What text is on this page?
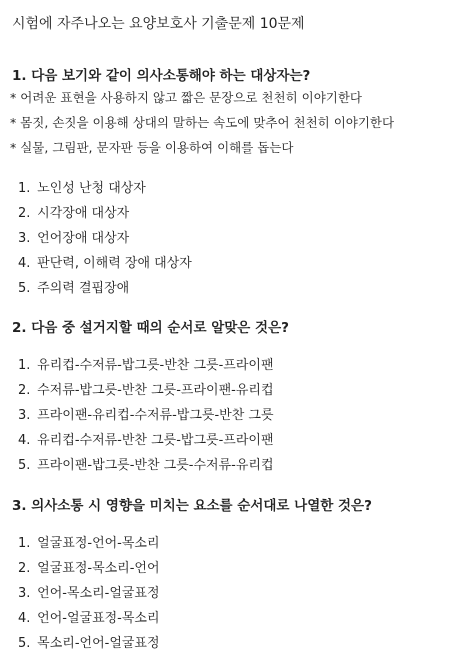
시험에 자주나오는 요양보호사 기출문제 10문제
1. 다음 보기와 같이 의사소통해야 하는 대상자는?
* 어려운 표현을 사용하지 않고 짧은 문장으로 천천히 이야기한다
* 몸짓, 손짓을 이용해 상대의 말하는 속도에 맞추어 천천히 이야기한다
* 실물, 그림판, 문자판 등을 이용하여 이해를 돕는다
1. 노인성 난청 대상자
2. 시각장애 대상자
3. 언어장애 대상자
4. 판단력, 이해력 장애 대상자
5. 주의력 결핍장애
2. 다음 중 설거지할 때의 순서로 알맞은 것은?
1. 유리컵-수저류-밥그릇-반찬 그릇-프라이팬
2. 수저류-밥그릇-반찬 그릇-프라이팬-유리컵
3. 프라이팬-유리컵-수저류-밥그릇-반찬 그릇
4. 유리컵-수저류-반찬 그릇-밥그릇-프라이팬
5. 프라이팬-밥그릇-반찬 그릇-수저류-유리컵
3. 의사소통 시 영향을 미치는 요소를 순서대로 나열한 것은?
1. 얼굴표정-언어-목소리
2. 얼굴표정-목소리-언어
3. 언어-목소리-얼굴표정
4. 언어-얼굴표정-목소리
5. 목소리-언어-얼굴표정
